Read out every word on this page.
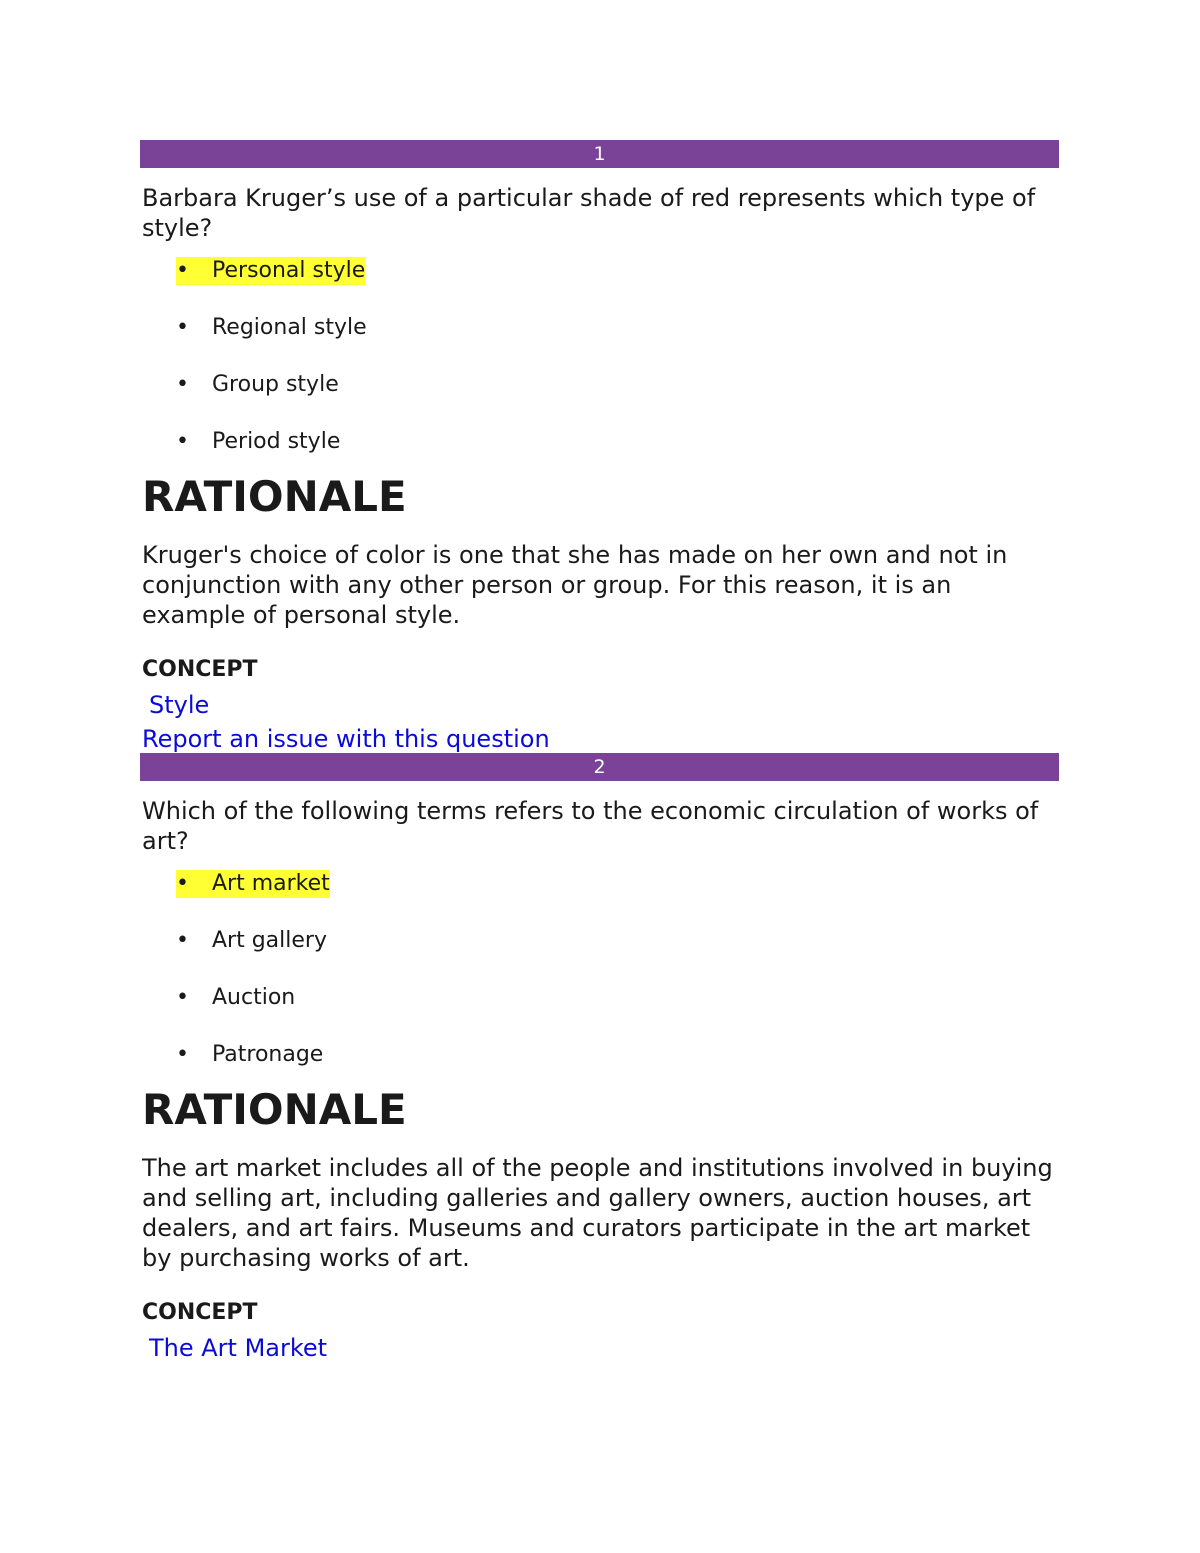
1
Barbara Kruger’s use of a particular shade of red represents which type of style?
• Personal style
• Regional style
• Group style
• Period style
RATIONALE
Kruger's choice of color is one that she has made on her own and not in conjunction with any other person or group. For this reason, it is an example of personal style.
CONCEPT
Style
Report an issue with this question
2
Which of the following terms refers to the economic circulation of works of art?
• Art market
• Art gallery
• Auction
• Patronage
RATIONALE
The art market includes all of the people and institutions involved in buying and selling art, including galleries and gallery owners, auction houses, art dealers, and art fairs. Museums and curators participate in the art market by purchasing works of art.
CONCEPT
The Art Market
